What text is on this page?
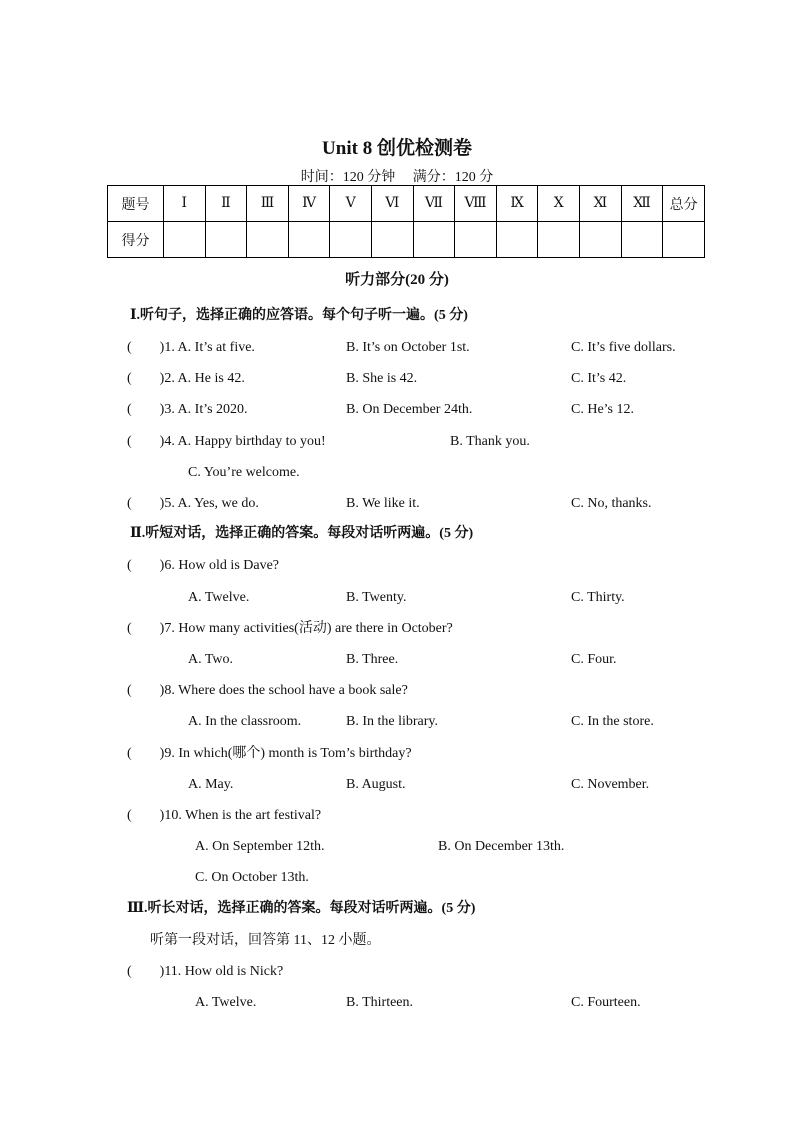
Unit 8 创优检测卷
时间：120 分钟　 满分：120 分
题号	Ⅰ	Ⅱ	Ⅲ	Ⅳ	Ⅴ	Ⅵ	Ⅶ	Ⅷ	Ⅸ	Ⅹ	Ⅺ	Ⅻ	总分
得分													
听力部分(20 分)
Ⅰ.听句子，选择正确的应答语。每个句子听一遍。(5 分)
(　　)1. A. It’s at five.	B. It’s on October 1st.	C. It’s five dollars.
(　　)2. A. He is 42.	B. She is 42.	C. It’s 42.
(　　)3. A. It’s 2020.	B. On December 24th.	C. He’s 12.
(　　)4. A. Happy birthday to you!	B. Thank you.
C. You’re welcome.
(　　)5. A. Yes, we do.	B. We like it.	C. No, thanks.
Ⅱ.听短对话，选择正确的答案。每段对话听两遍。(5 分)
(　　)6. How old is Dave?
A. Twelve.	B. Twenty.	C. Thirty.
(　　)7. How many activities(活动) are there in October?
A. Two.	B. Three.	C. Four.
(　　)8. Where does the school have a book sale?
A. In the classroom.	B. In the library.	C. In the store.
(　　)9. In which(哪个) month is Tom’s birthday?
A. May.	B. August.	C. November.
(　　)10. When is the art festival?
A. On September 12th.	B. On December 13th.
C. On October 13th.
Ⅲ.听长对话，选择正确的答案。每段对话听两遍。(5 分)
听第一段对话，回答第 11、12 小题。
(　　)11. How old is Nick?
A. Twelve.	B. Thirteen.	C. Fourteen.
